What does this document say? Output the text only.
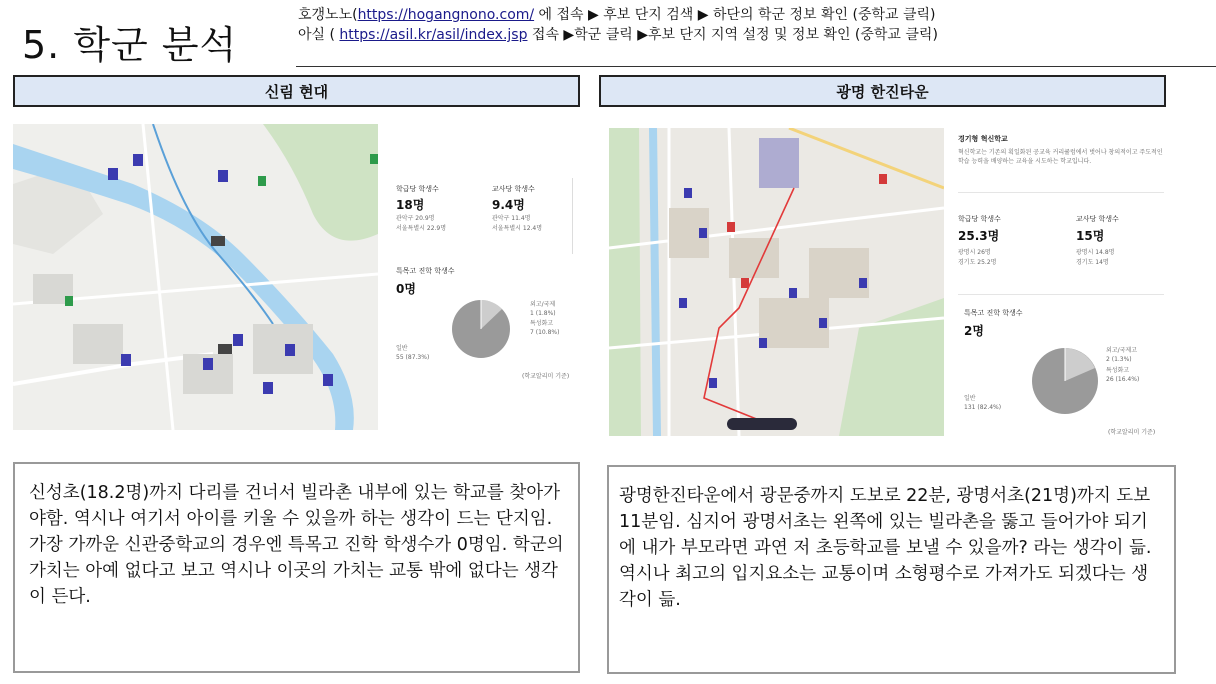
5. 학군 분석
호갱노노(https://hogangnono.com/ 에 접속 ▶ 후보 단지 검색 ▶ 하단의 학군 정보 확인 (중학교 클릭)
아실 ( https://asil.kr/asil/index.jsp 접속 ▶학군 클릭 ▶후보 단지 지역 설정 및 정보 확인 (중학교 클릭)
신림 현대	광명 한진타운
학급당 학생수
18명
관악구 20.9명
서울특별시 22.9명
교사당 학생수
9.4명
관악구 11.4명
서울특별시 12.4명
특목고 진학 학생수
0명
외고/국제
1 (1.8%)
특성화고
7 (10.8%)
일반
55 (87.3%)
(학교알리미 기준)
경기형 혁신학교
혁신학교는 기존의 획일화된 공교육 커리큘럼에서 벗어나 창의적이고 주도적인 학습 능력을 배양하는 교육을 시도하는 학교입니다.
학급당 학생수
25.3명
광명시 26명
경기도 25.2명
교사당 학생수
15명
광명시 14.8명
경기도 14명
특목고 진학 학생수
2명
외고/국제고
2 (1.3%)
특성화고
26 (16.4%)
일반
131 (82.4%)
(학교알리미 기준)
신성초(18.2명)까지 다리를 건너서 빌라촌 내부에 있는 학교를 찾아가야함. 역시나 여기서 아이를 키울 수 있을까 하는 생각이 드는 단지임. 가장 가까운 신관중학교의 경우엔 특목고 진학 학생수가 0명임. 학군의 가치는 아예 없다고 보고 역시나 이곳의 가치는 교통 밖에 없다는 생각이 든다.
광명한진타운에서 광문중까지 도보로 22분, 광명서초(21명)까지 도보 11분임. 심지어 광명서초는 왼쪽에 있는 빌라촌을 뚫고 들어가야 되기에 내가 부모라면 과연 저 초등학교를 보낼 수 있을까? 라는 생각이 듦. 역시나 최고의 입지요소는 교통이며 소형평수로 가져가도 되겠다는 생각이 듦.
